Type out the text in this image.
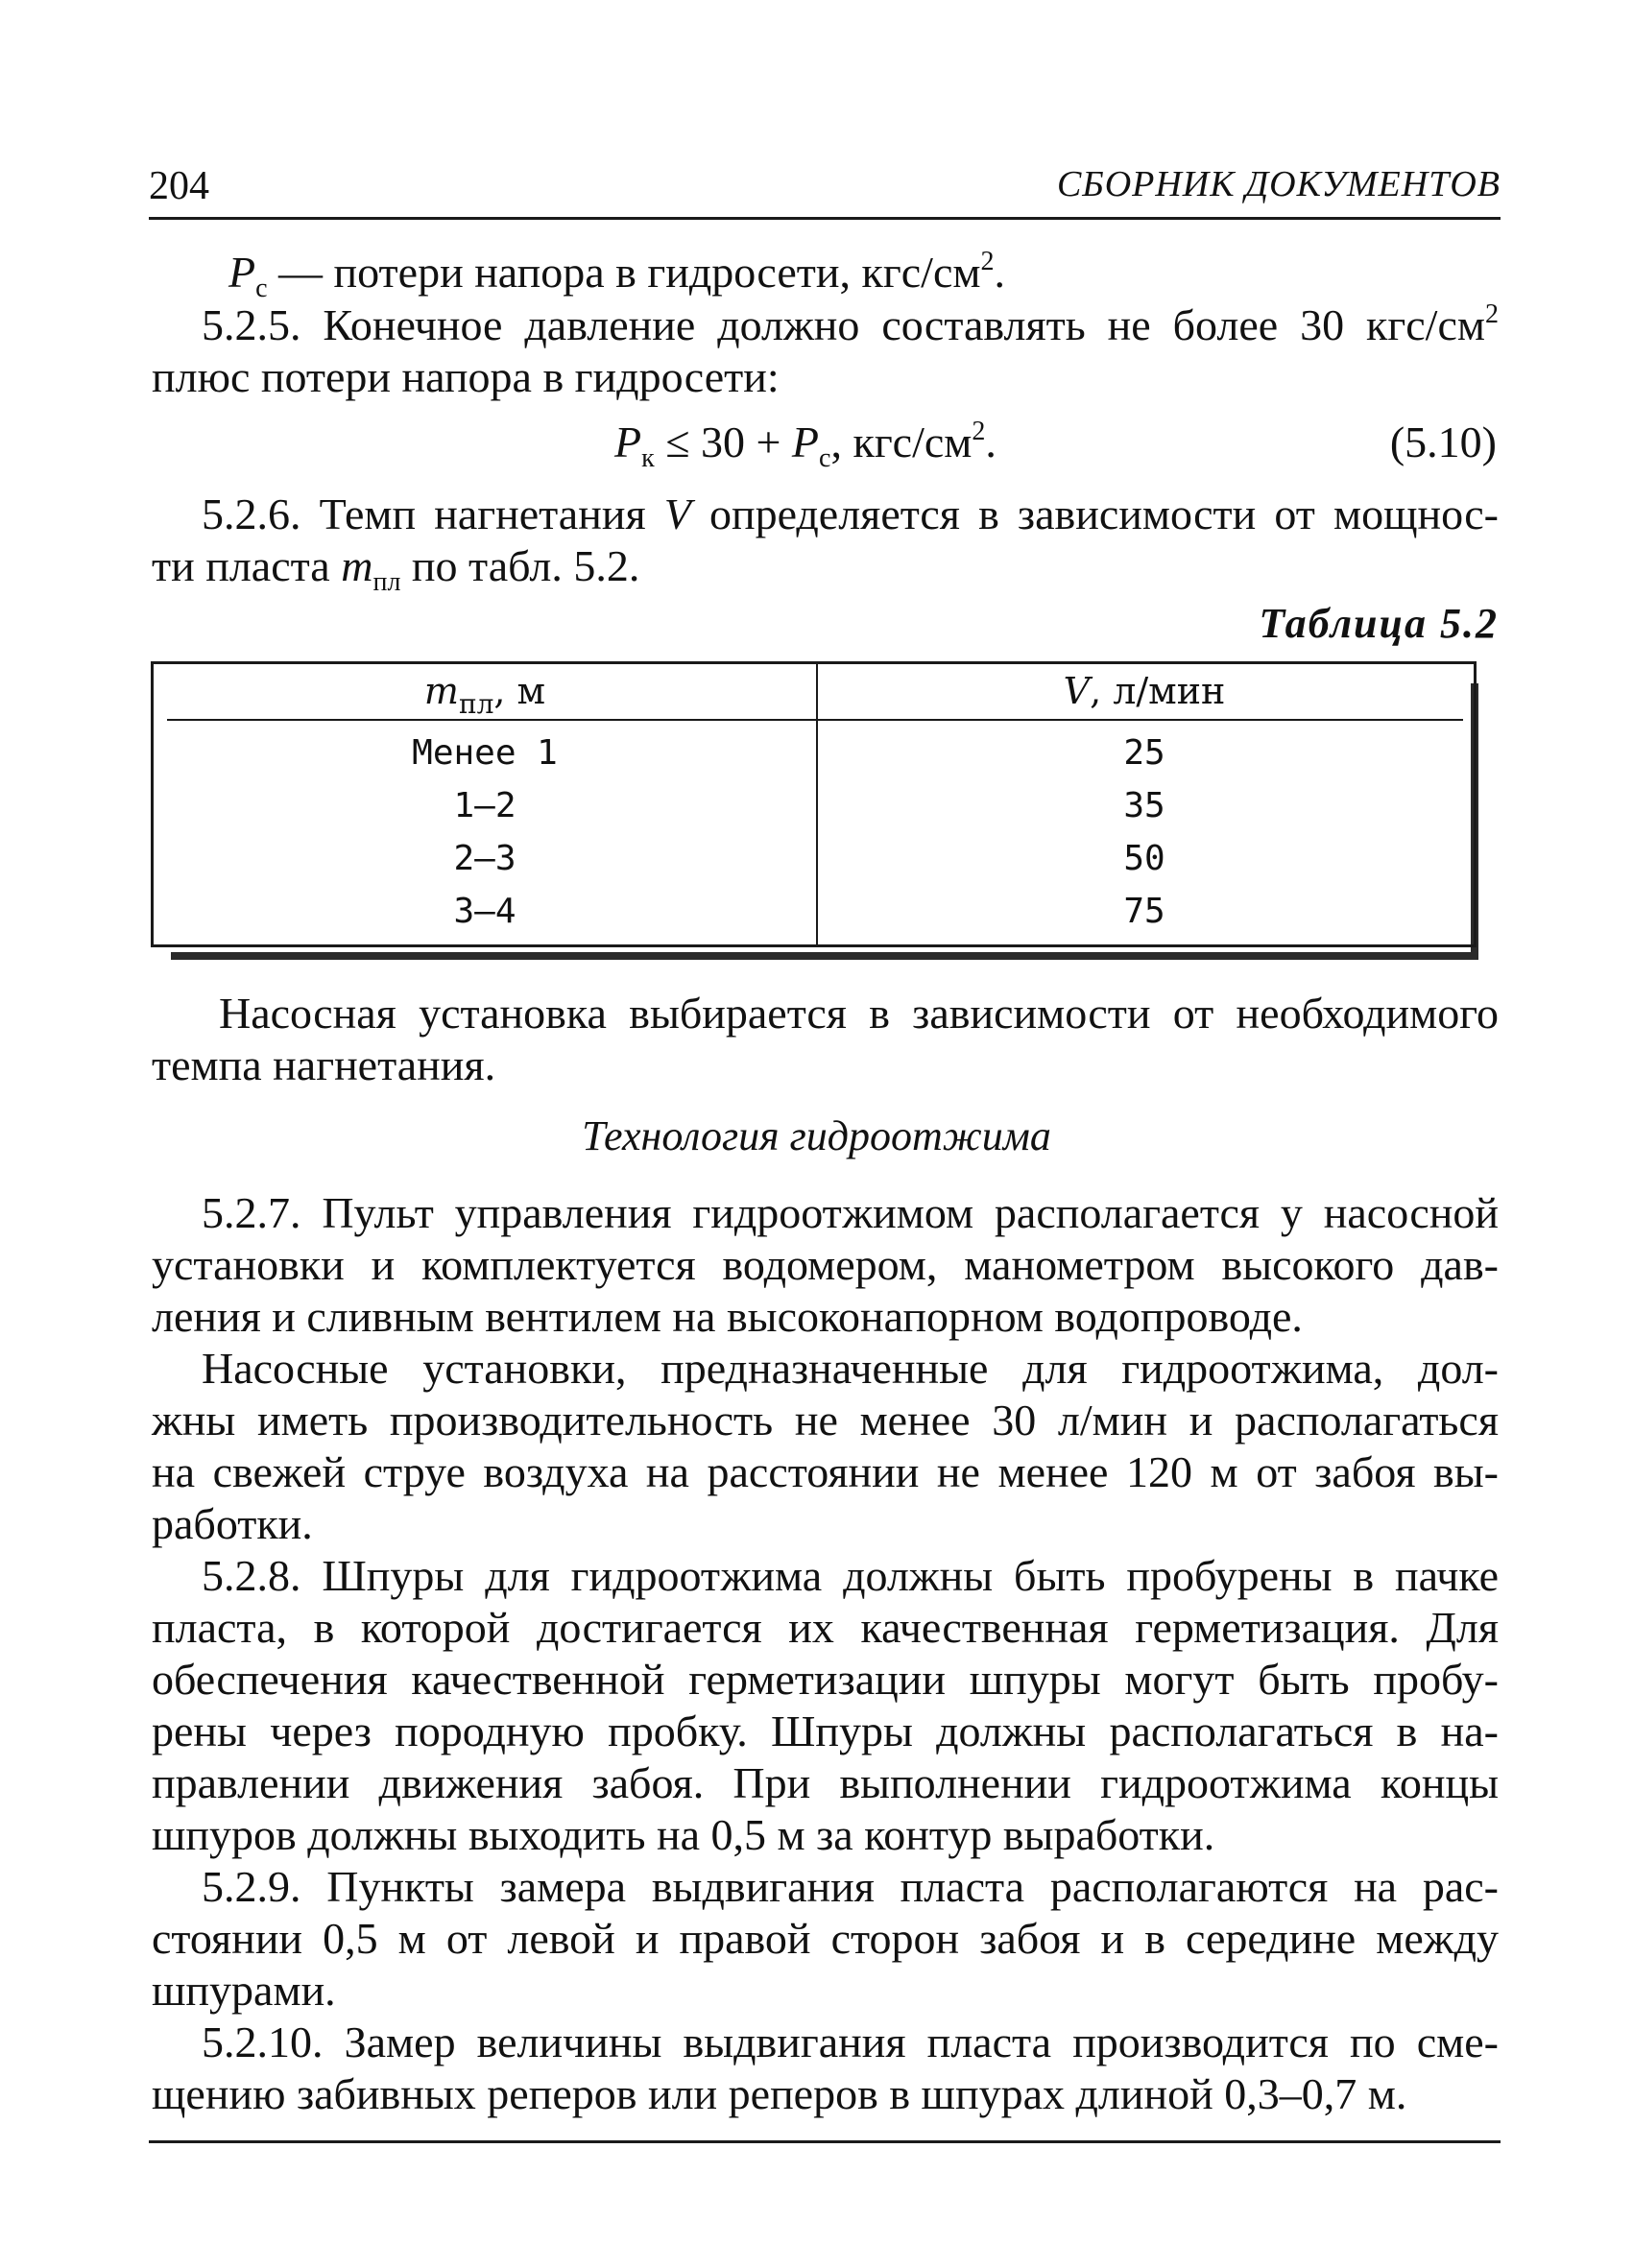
204	СБОРНИК ДОКУМЕНТОВ
$P_с$ — потери напора в гидросети, кгс/$см^2$.
5.2.5. Конечное давление должно составлять не более 30 кгс/$см^2$
плюс потери напора в гидросети:
$P_к \le 30 + P_с$, кгс/$см^2$.	(5.10)
5.2.6. Темп нагнетания V определяется в зависимости от мощнос-
ти пласта $m_{пл}$ по табл. 5.2.
Таблица 5.2
$m_{пл}$, м	V, л/мин
Менее 1	25
1–2	35
2–3	50
3–4	75
Насосная установка выбирается в зависимости от необходимого
темпа нагнетания.
Технология гидроотжима
5.2.7. Пульт управления гидроотжимом располагается у насосной
установки и комплектуется водомером, манометром высокого дав-
ления и сливным вентилем на высоконапорном водопроводе.
Насосные установки, предназначенные для гидроотжима, дол-
жны иметь производительность не менее 30 л/мин и располагаться
на свежей струе воздуха на расстоянии не менее 120 м от забоя вы-
работки.
5.2.8. Шпуры для гидроотжима должны быть пробурены в пачке
пласта, в которой достигается их качественная герметизация. Для
обеспечения качественной герметизации шпуры могут быть пробу-
рены через породную пробку. Шпуры должны располагаться в на-
правлении движения забоя. При выполнении гидроотжима концы
шпуров должны выходить на 0,5 м за контур выработки.
5.2.9. Пункты замера выдвигания пласта располагаются на рас-
стоянии 0,5 м от левой и правой сторон забоя и в середине между
шпурами.
5.2.10. Замер величины выдвигания пласта производится по сме-
щению забивных реперов или реперов в шпурах длиной 0,3–0,7 м.
